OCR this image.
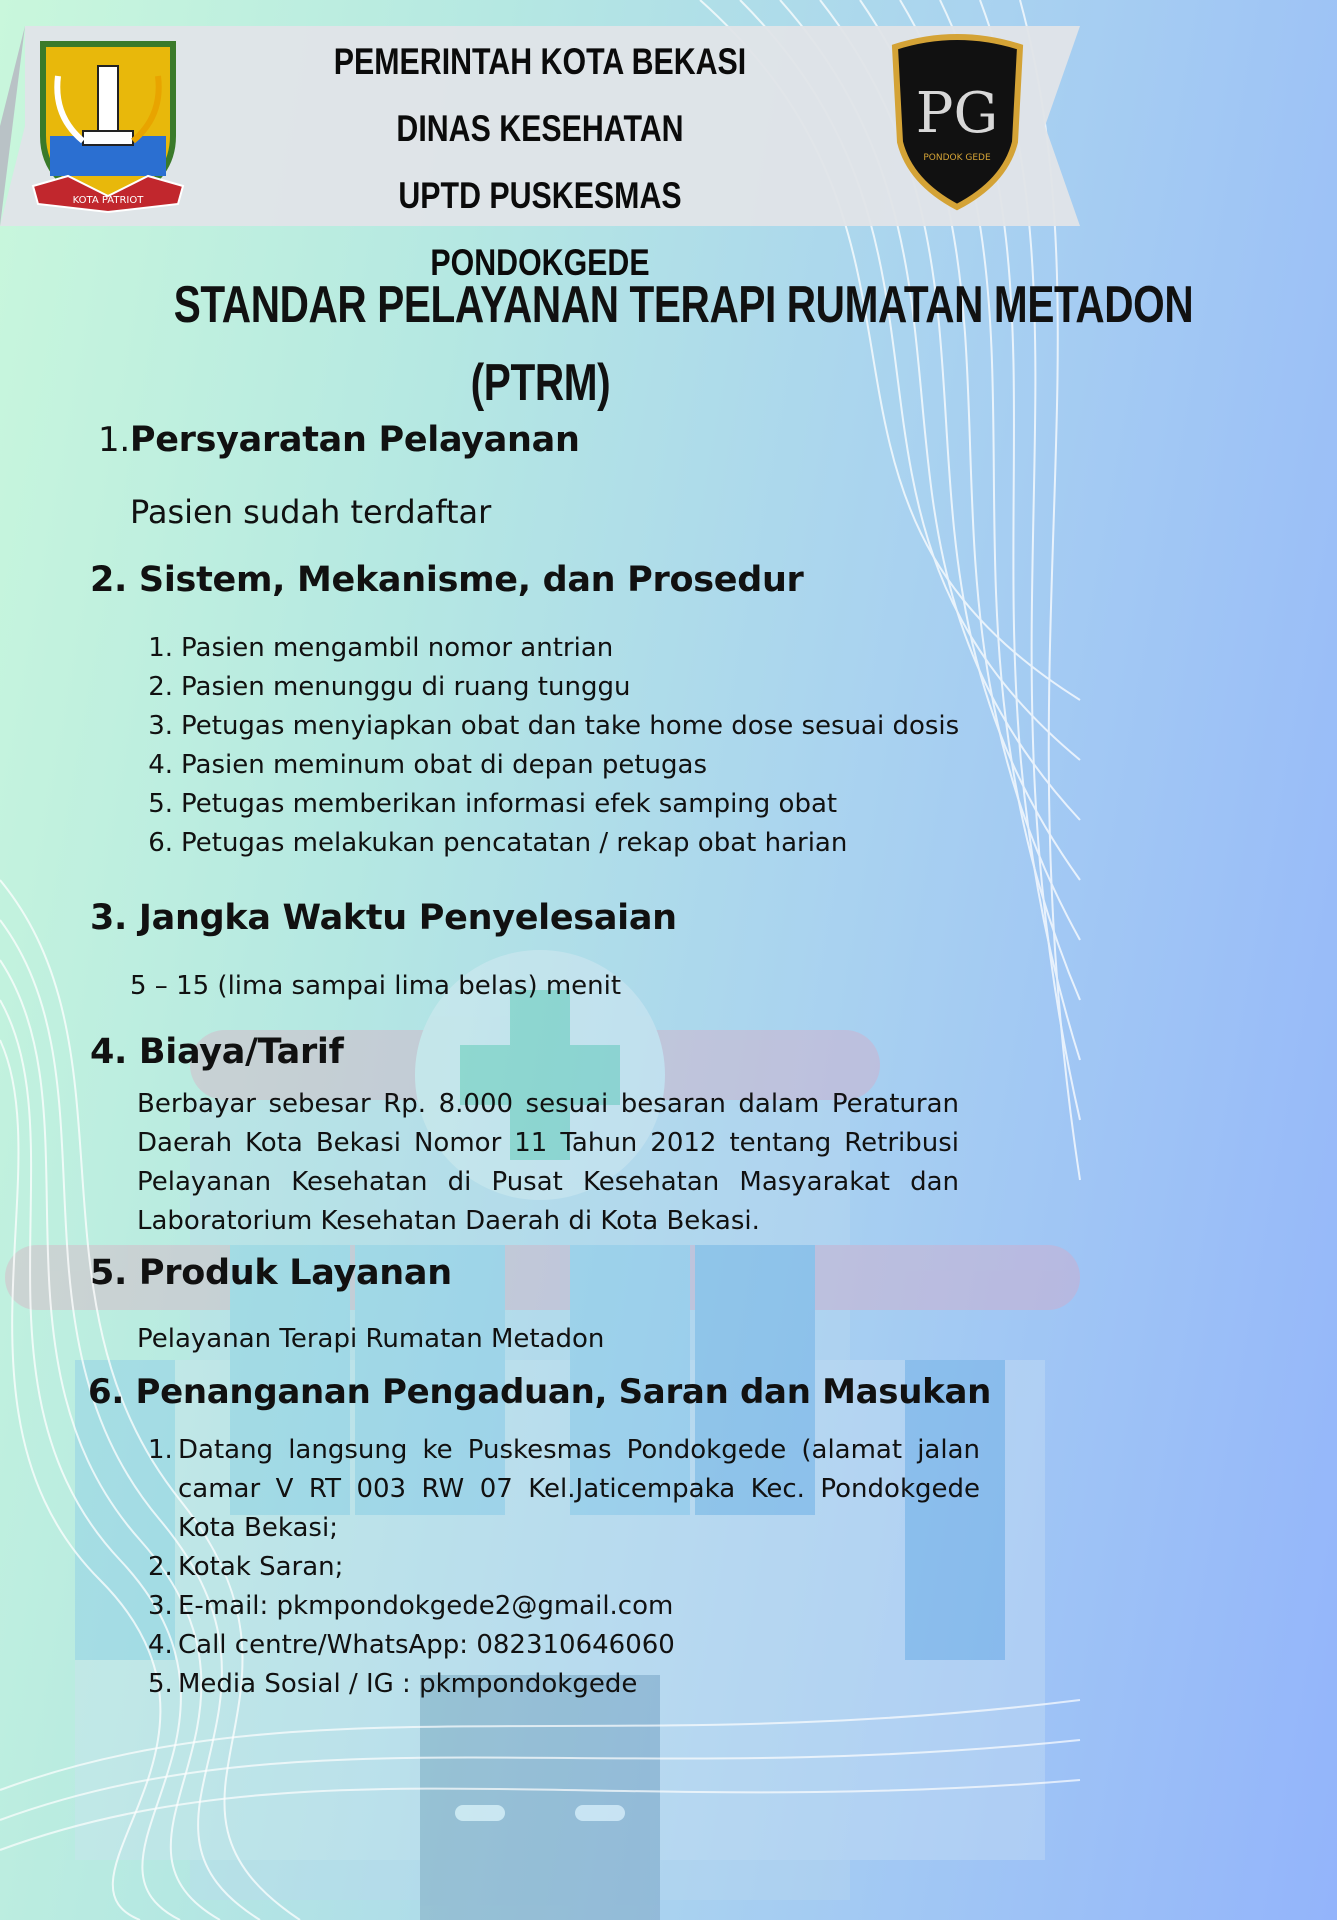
KOTA PATRIOT
PG
PONDOK GEDE
PEMERINTAH KOTA BEKASI
DINAS KESEHATAN
UPTD PUSKESMAS PONDOKGEDE
STANDAR PELAYANAN TERAPI RUMATAN METADON
(PTRM)
1.Persyaratan Pelayanan
Pasien sudah terdaftar
2. Sistem, Mekanisme, dan Prosedur
1. Pasien mengambil nomor antrian
2. Pasien menunggu di ruang tunggu
3. Petugas menyiapkan obat dan take home dose sesuai dosis
4. Pasien meminum obat di depan petugas
5. Petugas memberikan informasi efek samping obat
6. Petugas melakukan pencatatan / rekap obat harian
3. Jangka Waktu Penyelesaian
5 – 15 (lima sampai lima belas) menit
4. Biaya/Tarif
Berbayar sebesar Rp. 8.000 sesuai besaran dalam Peraturan Daerah Kota Bekasi Nomor 11 Tahun 2012 tentang Retribusi Pelayanan Kesehatan di Pusat Kesehatan Masyarakat dan Laboratorium Kesehatan Daerah di Kota Bekasi.
5. Produk Layanan
Pelayanan Terapi Rumatan Metadon
6. Penanganan Pengaduan, Saran dan Masukan
1. Datang langsung ke Puskesmas Pondokgede (alamat jalan camar V RT 003 RW 07 Kel.Jaticempaka Kec. Pondokgede Kota Bekasi;
2. Kotak Saran;
3. E-mail: pkmpondokgede2@gmail.com
4. Call centre/WhatsApp: 082310646060
5. Media Sosial / IG : pkmpondokgede
